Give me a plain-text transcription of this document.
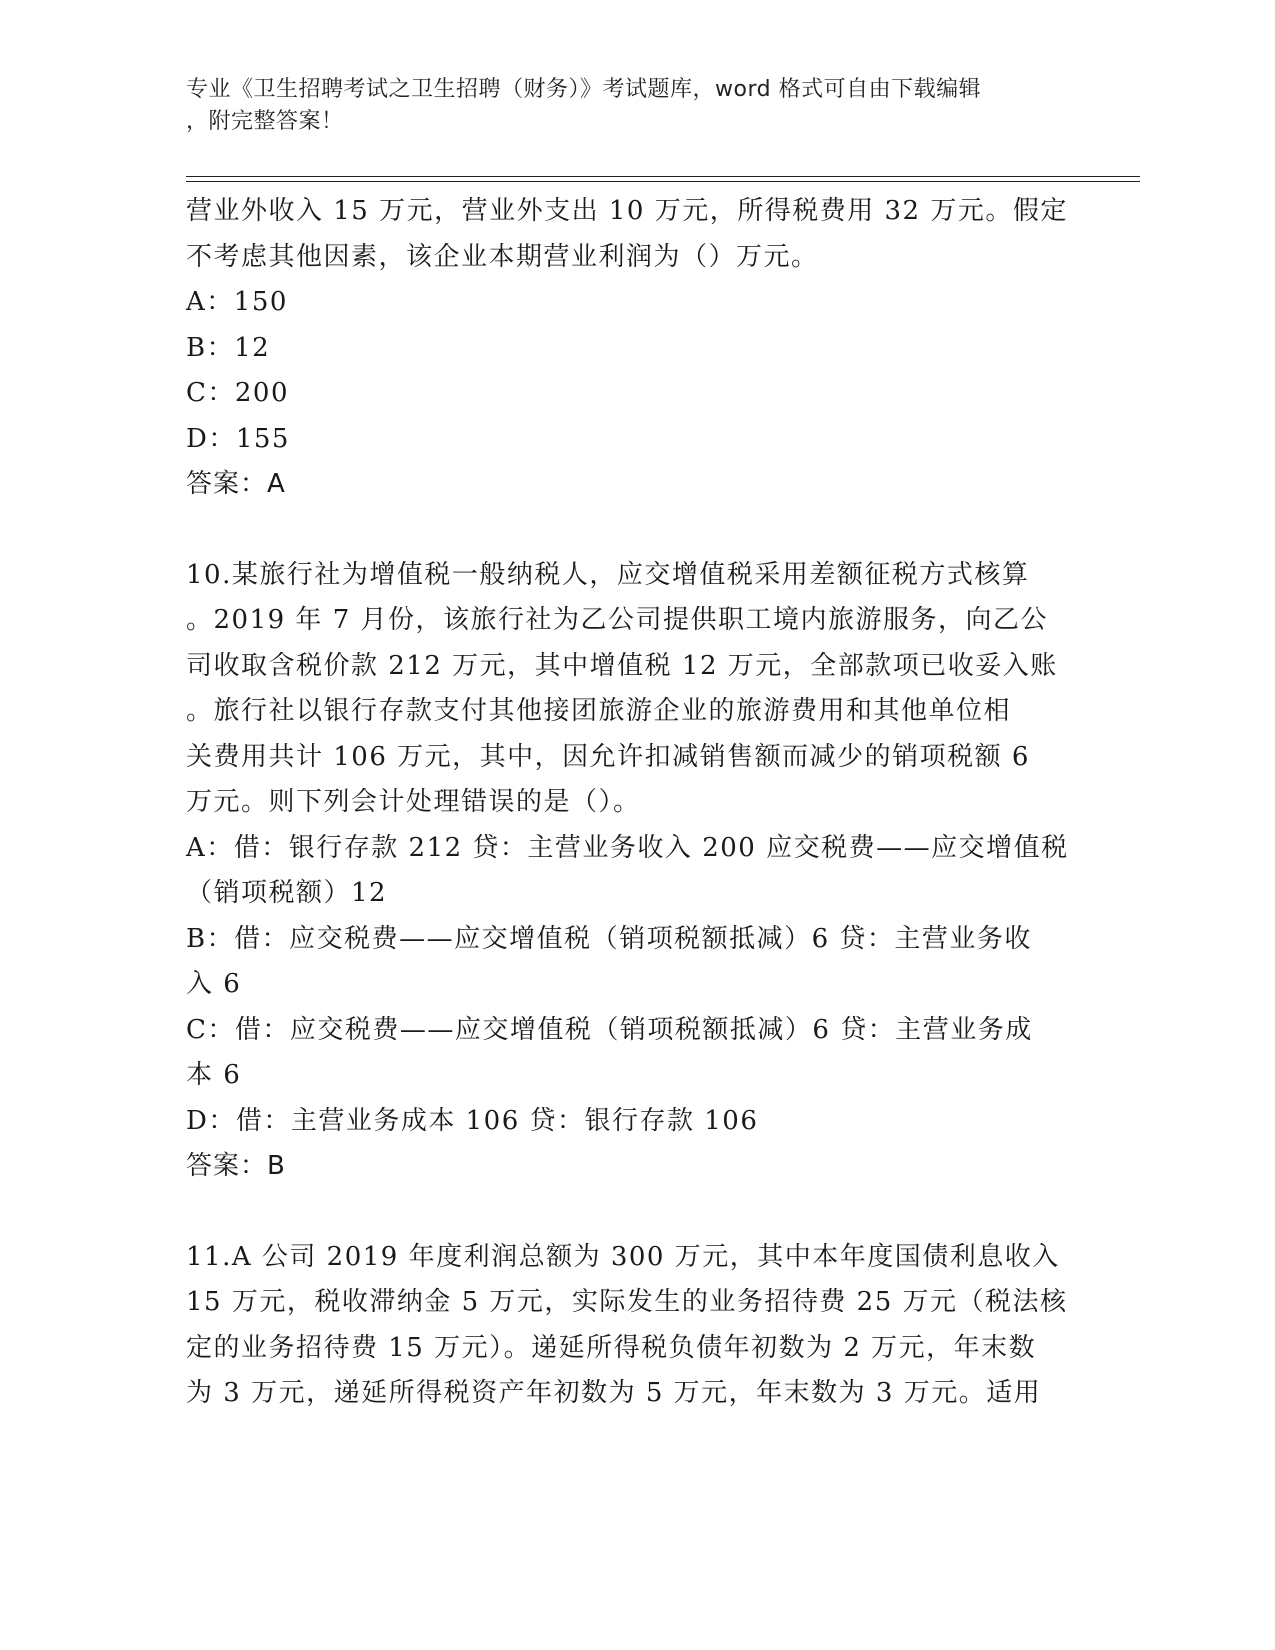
专业《卫生招聘考试之卫生招聘（财务）》考试题库，word 格式可自由下载编辑
，附完整答案！

营业外收入 15 万元，营业外支出 10 万元，所得税费用 32 万元。假定

不考虑其他因素，该企业本期营业利润为（）万元。

A：150

B：12

C：200

D：155

答案：A

10.某旅行社为增值税一般纳税人，应交增值税采用差额征税方式核算

。2019 年 7 月份，该旅行社为乙公司提供职工境内旅游服务，向乙公

司收取含税价款 212 万元，其中增值税 12 万元，全部款项已收妥入账

。旅行社以银行存款支付其他接团旅游企业的旅游费用和其他单位相

关费用共计 106 万元，其中，因允许扣减销售额而减少的销项税额 6

万元。则下列会计处理错误的是（）。

A：借：银行存款 212 贷：主营业务收入 200 应交税费——应交增值税

（销项税额）12

B：借：应交税费——应交增值税（销项税额抵减）6 贷：主营业务收

入 6

C：借：应交税费——应交增值税（销项税额抵减）6 贷：主营业务成

本 6

D：借：主营业务成本 106 贷：银行存款 106

答案：B

11.A 公司 2019 年度利润总额为 300 万元，其中本年度国债利息收入

15 万元，税收滞纳金 5 万元，实际发生的业务招待费 25 万元（税法核

定的业务招待费 15 万元）。递延所得税负债年初数为 2 万元，年末数

为 3 万元，递延所得税资产年初数为 5 万元，年末数为 3 万元。适用
